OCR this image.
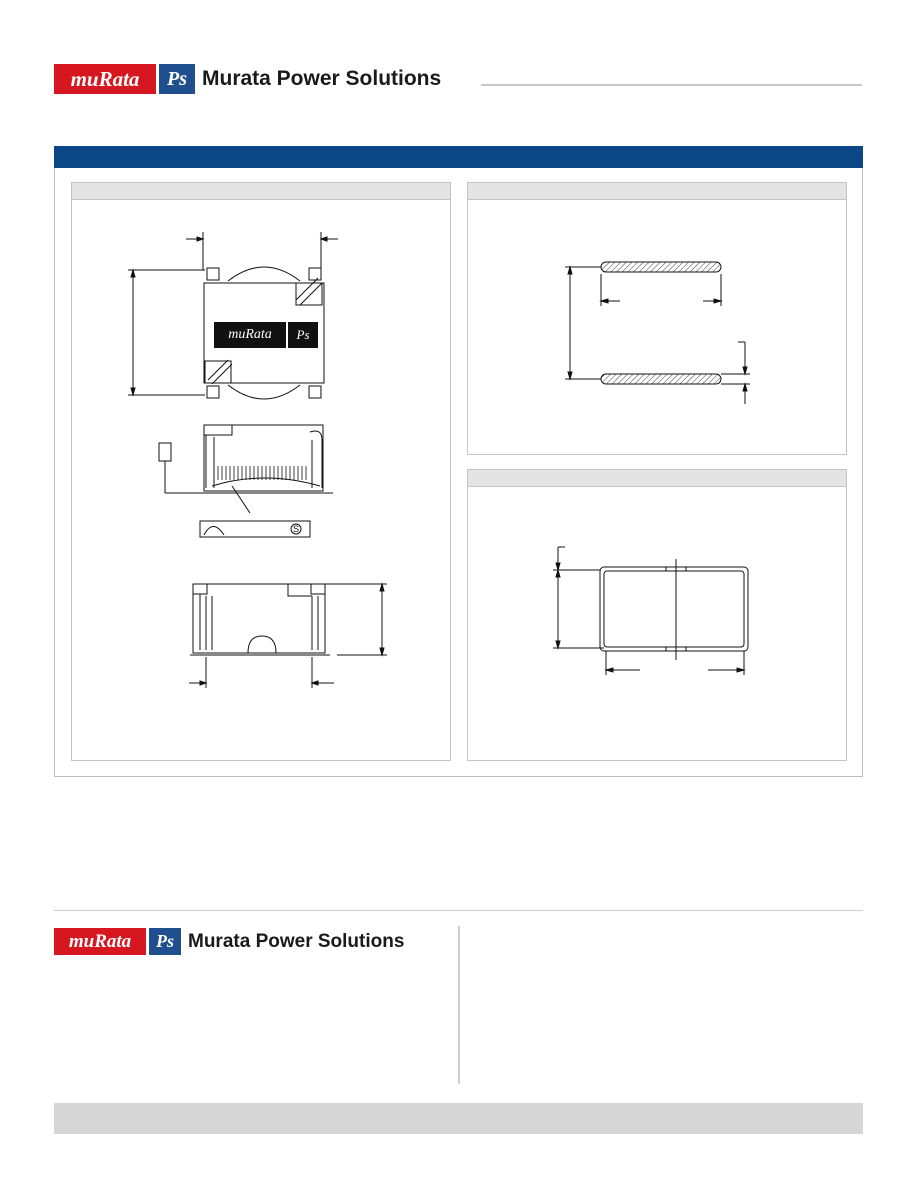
muRata	Ps Murata Power Solutions
muRata	Ps
S
muRata	Ps Murata Power Solutions
